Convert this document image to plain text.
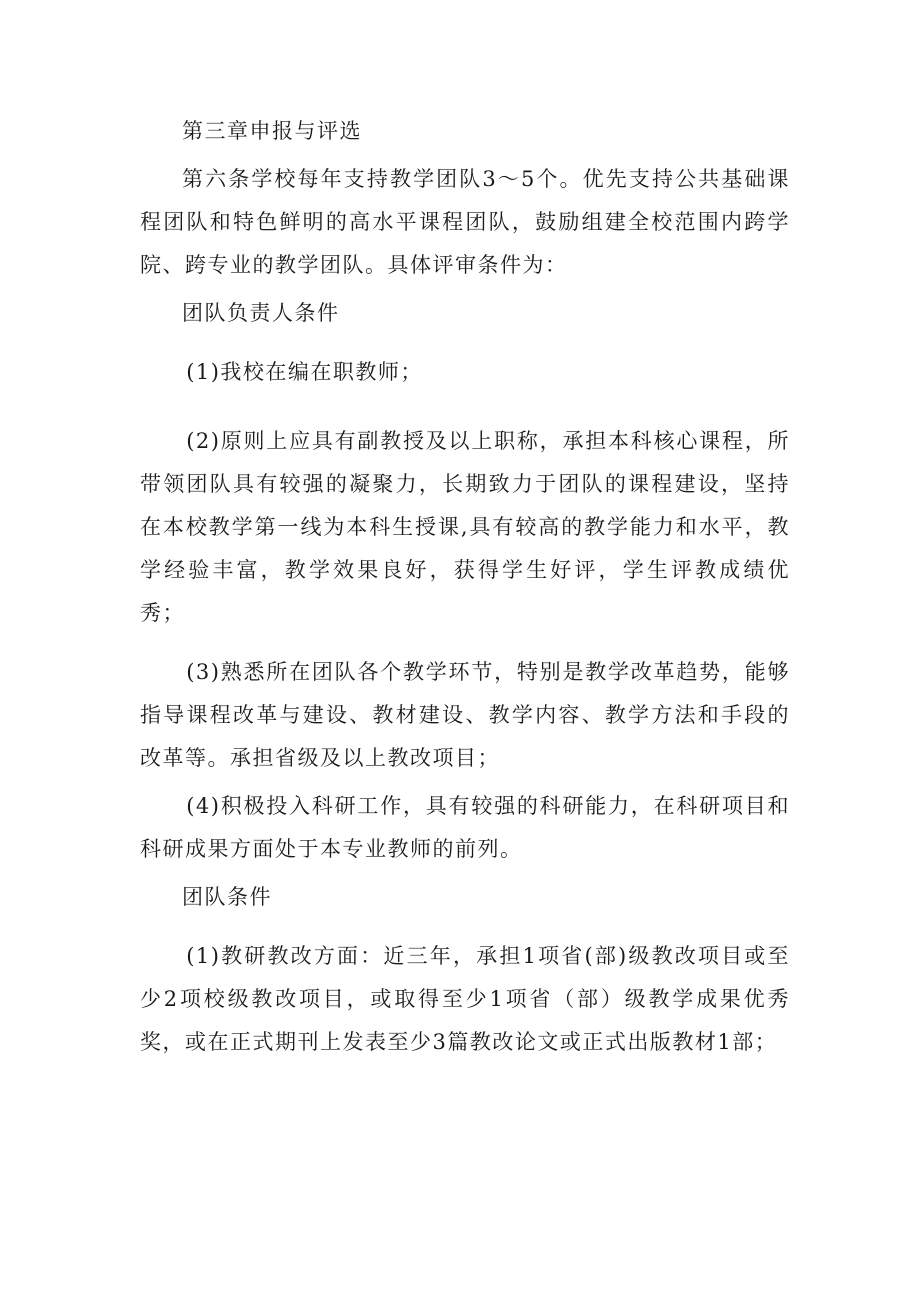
第三章申报与评选

第六条学校每年支持教学团队3～5个。优先支持公共基础课程团队和特色鲜明的高水平课程团队，鼓励组建全校范围内跨学院、跨专业的教学团队。具体评审条件为：

团队负责人条件

(1)我校在编在职教师；

(2)原则上应具有副教授及以上职称，承担本科核心课程，所带领团队具有较强的凝聚力，长期致力于团队的课程建设，坚持在本校教学第一线为本科生授课,具有较高的教学能力和水平，教学经验丰富，教学效果良好，获得学生好评，学生评教成绩优秀；

(3)熟悉所在团队各个教学环节，特别是教学改革趋势，能够指导课程改革与建设、教材建设、教学内容、教学方法和手段的改革等。承担省级及以上教改项目；

(4)积极投入科研工作，具有较强的科研能力，在科研项目和科研成果方面处于本专业教师的前列。

团队条件

(1)教研教改方面：近三年，承担1项省(部)级教改项目或至少2项校级教改项目，或取得至少1项省（部）级教学成果优秀奖，或在正式期刊上发表至少3篇教改论文或正式出版教材1部；
